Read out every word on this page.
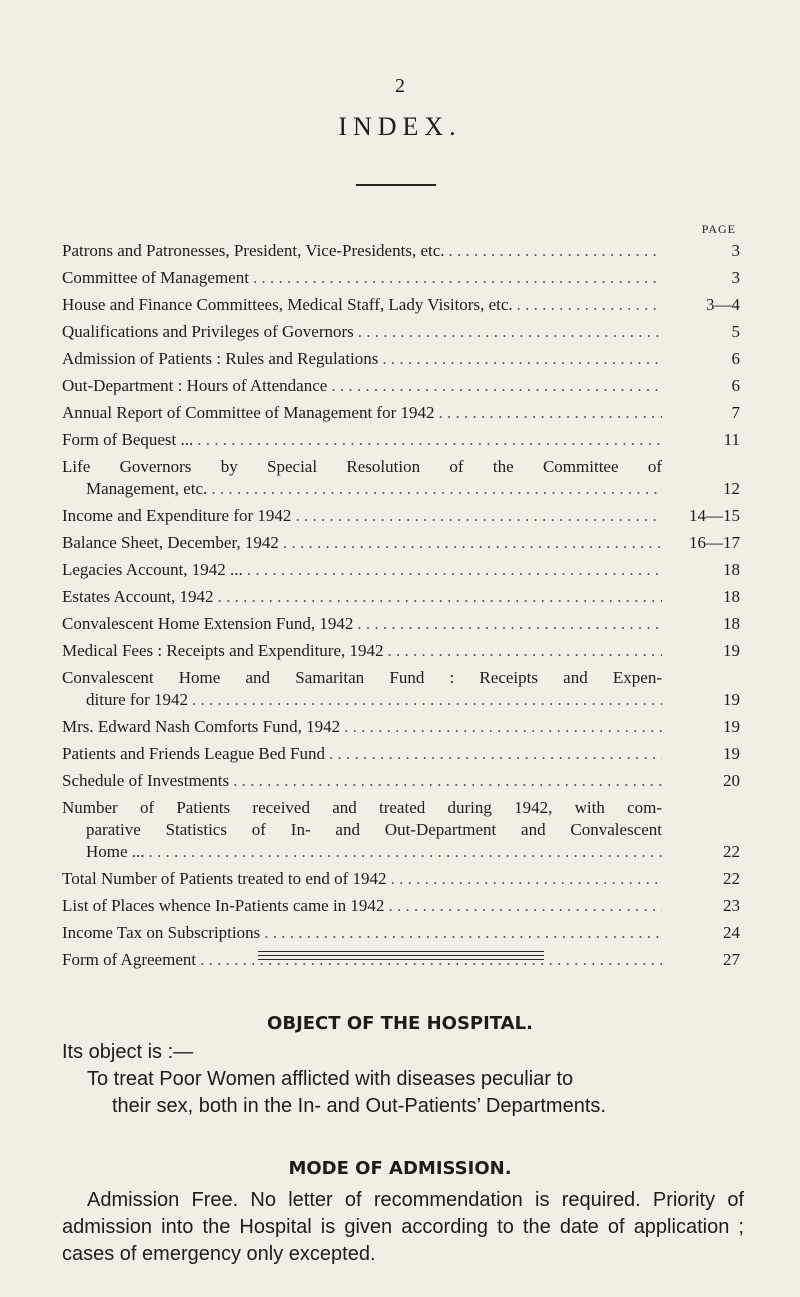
2
INDEX.
PAGE
Patrons and Patronesses, President, Vice-Presidents, etc. . . .	3
Committee of Management . . .	3
House and Finance Committees, Medical Staff, Lady Visitors, etc. . . .	3—4
Qualifications and Privileges of Governors . . .	5
Admission of Patients : Rules and Regulations . . .	6
Out-Department : Hours of Attendance . . .	6
Annual Report of Committee of Management for 1942 . . .	7
Form of Bequest ... . . .	11
Life Governors by Special Resolution of the Committee of
Management, etc. . . .	12
Income and Expenditure for 1942 . . .	14—15
Balance Sheet, December, 1942 . . .	16—17
Legacies Account, 1942 ... . . .	18
Estates Account, 1942 . . .	18
Convalescent Home Extension Fund, 1942 . . .	18
Medical Fees : Receipts and Expenditure, 1942 . . .	19
Convalescent Home and Samaritan Fund : Receipts and Expen-
diture for 1942 . . .	19
Mrs. Edward Nash Comforts Fund, 1942 . . .	19
Patients and Friends League Bed Fund . . .	19
Schedule of Investments . . .	20
Number of Patients received and treated during 1942, with com-
parative Statistics of In- and Out-Department and Convalescent
Home ... . . .	22
Total Number of Patients treated to end of 1942 . . .	22
List of Places whence In-Patients came in 1942 . . .	23
Income Tax on Subscriptions . . .	24
Form of Agreement . . .	27
OBJECT OF THE HOSPITAL.
Its object is :—
To treat Poor Women afflicted with diseases peculiar to
their sex, both in the In- and Out-Patients’ Departments.
MODE OF ADMISSION.
Admission Free. No letter of recommendation is required. Priority of admission into the Hospital is given according to the date of application ; cases of emergency only excepted.
